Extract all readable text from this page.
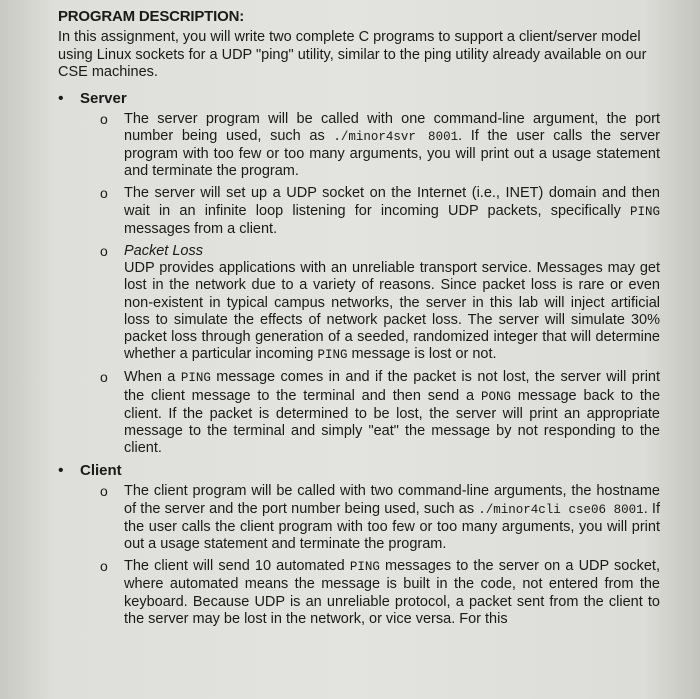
PROGRAM DESCRIPTION:
In this assignment, you will write two complete C programs to support a client/server model using Linux sockets for a UDP "ping" utility, similar to the ping utility already available on our CSE machines.
• Server
o The server program will be called with one command-line argument, the port number being used, such as ./minor4svr 8001. If the user calls the server program with too few or too many arguments, you will print out a usage statement and terminate the program.
o The server will set up a UDP socket on the Internet (i.e., INET) domain and then wait in an infinite loop listening for incoming UDP packets, specifically PING messages from a client.
o Packet Loss
UDP provides applications with an unreliable transport service. Messages may get lost in the network due to a variety of reasons. Since packet loss is rare or even non-existent in typical campus networks, the server in this lab will inject artificial loss to simulate the effects of network packet loss. The server will simulate 30% packet loss through generation of a seeded, randomized integer that will determine whether a particular incoming PING message is lost or not.
o When a PING message comes in and if the packet is not lost, the server will print the client message to the terminal and then send a PONG message back to the client. If the packet is determined to be lost, the server will print an appropriate message to the terminal and simply "eat" the message by not responding to the client.
• Client
o The client program will be called with two command-line arguments, the hostname of the server and the port number being used, such as ./minor4cli cse06 8001. If the user calls the client program with too few or too many arguments, you will print out a usage statement and terminate the program.
o The client will send 10 automated PING messages to the server on a UDP socket, where automated means the message is built in the code, not entered from the keyboard. Because UDP is an unreliable protocol, a packet sent from the client to the server may be lost in the network, or vice versa. For this
